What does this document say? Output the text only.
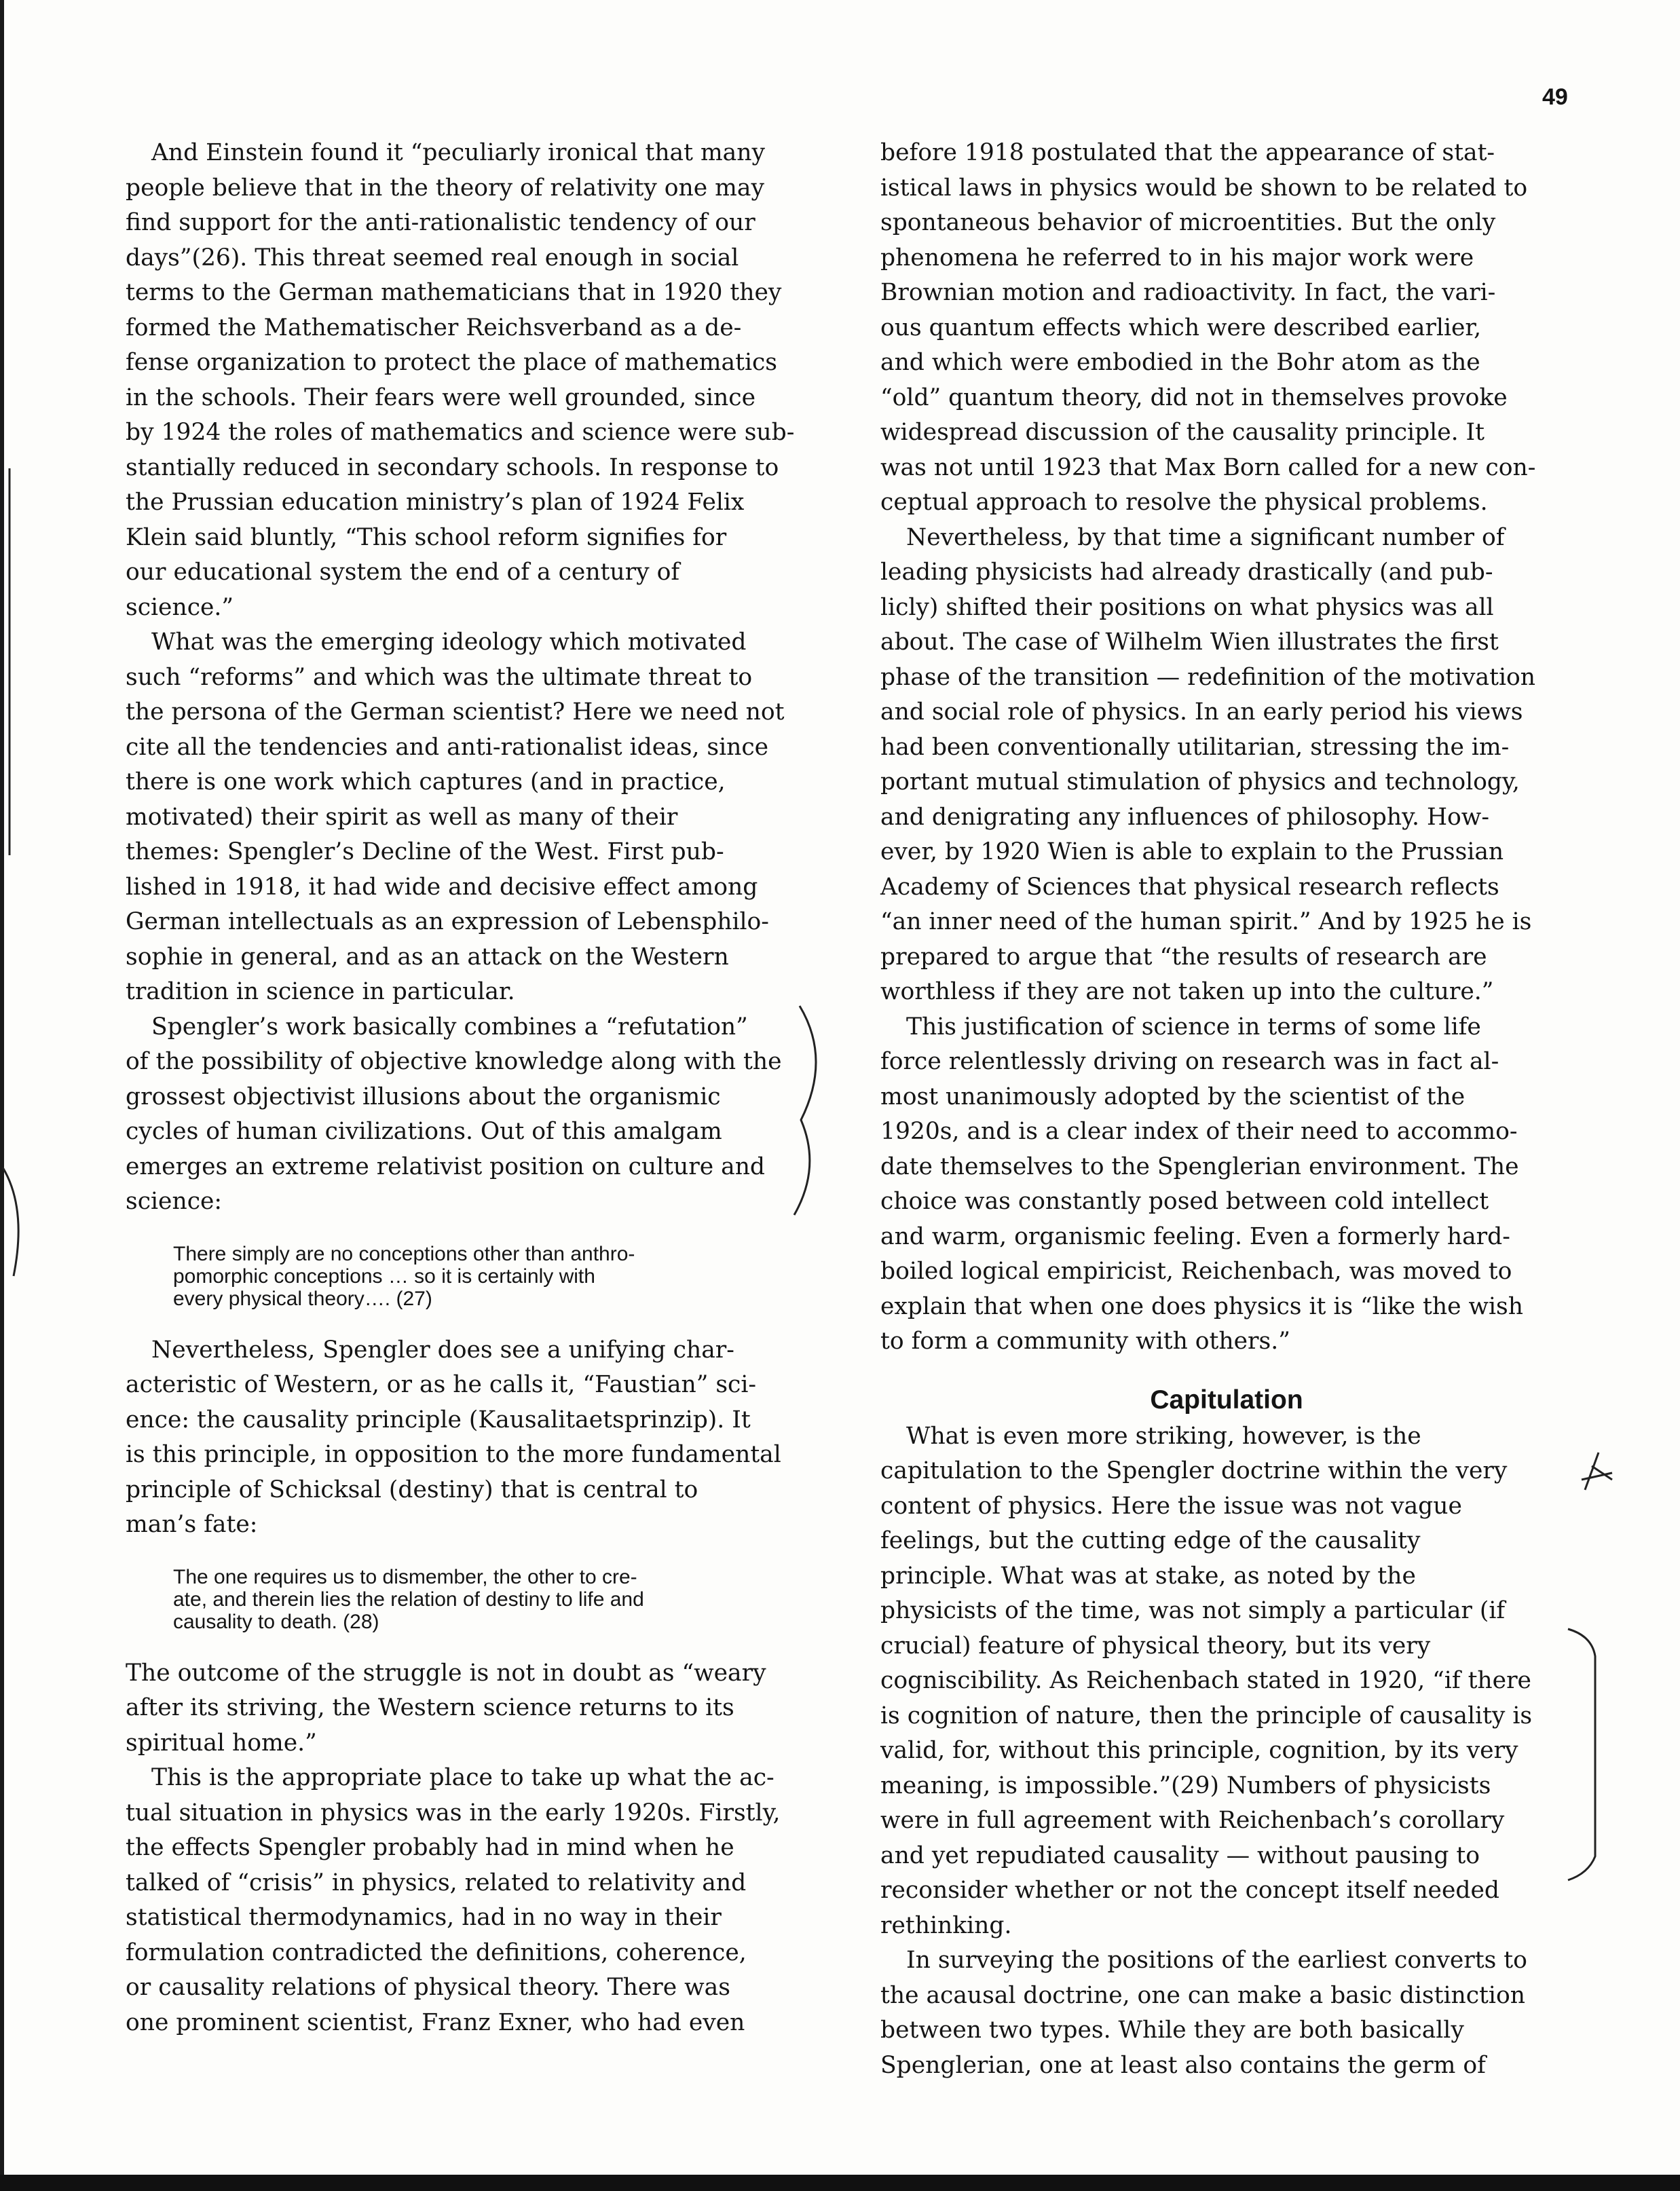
49

And Einstein found it “peculiarly ironical that many
people believe that in the theory of relativity one may
find support for the anti-rationalistic tendency of our
days”(26). This threat seemed real enough in social
terms to the German mathematicians that in 1920 they
formed the Mathematischer Reichsverband as a de-
fense organization to protect the place of mathematics
in the schools. Their fears were well grounded, since
by 1924 the roles of mathematics and science were sub-
stantially reduced in secondary schools. In response to
the Prussian education ministry’s plan of 1924 Felix
Klein said bluntly, “This school reform signifies for
our educational system the end of a century of
science.”

What was the emerging ideology which motivated
such “reforms” and which was the ultimate threat to
the persona of the German scientist? Here we need not
cite all the tendencies and anti-rationalist ideas, since
there is one work which captures (and in practice,
motivated) their spirit as well as many of their
themes: Spengler’s Decline of the West. First pub-
lished in 1918, it had wide and decisive effect among
German intellectuals as an expression of Lebensphilo-
sophie in general, and as an attack on the Western
tradition in science in particular.

Spengler’s work basically combines a “refutation”
of the possibility of objective knowledge along with the
grossest objectivist illusions about the organismic
cycles of human civilizations. Out of this amalgam
emerges an extreme relativist position on culture and
science:

There simply are no conceptions other than anthro-
pomorphic conceptions … so it is certainly with
every physical theory…. (27)

Nevertheless, Spengler does see a unifying char-
acteristic of Western, or as he calls it, “Faustian” sci-
ence: the causality principle (Kausalitaetsprinzip). It
is this principle, in opposition to the more fundamental
principle of Schicksal (destiny) that is central to
man’s fate:

The one requires us to dismember, the other to cre-
ate, and therein lies the relation of destiny to life and
causality to death. (28)

The outcome of the struggle is not in doubt as “weary
after its striving, the Western science returns to its
spiritual home.”

This is the appropriate place to take up what the ac-
tual situation in physics was in the early 1920s. Firstly,
the effects Spengler probably had in mind when he
talked of “crisis” in physics, related to relativity and
statistical thermodynamics, had in no way in their
formulation contradicted the definitions, coherence,
or causality relations of physical theory. There was
one prominent scientist, Franz Exner, who had even

before 1918 postulated that the appearance of stat-
istical laws in physics would be shown to be related to
spontaneous behavior of microentities. But the only
phenomena he referred to in his major work were
Brownian motion and radioactivity. In fact, the vari-
ous quantum effects which were described earlier,
and which were embodied in the Bohr atom as the
“old” quantum theory, did not in themselves provoke
widespread discussion of the causality principle. It
was not until 1923 that Max Born called for a new con-
ceptual approach to resolve the physical problems.

Nevertheless, by that time a significant number of
leading physicists had already drastically (and pub-
licly) shifted their positions on what physics was all
about. The case of Wilhelm Wien illustrates the first
phase of the transition — redefinition of the motivation
and social role of physics. In an early period his views
had been conventionally utilitarian, stressing the im-
portant mutual stimulation of physics and technology,
and denigrating any influences of philosophy. How-
ever, by 1920 Wien is able to explain to the Prussian
Academy of Sciences that physical research reflects
“an inner need of the human spirit.” And by 1925 he is
prepared to argue that “the results of research are
worthless if they are not taken up into the culture.”

This justification of science in terms of some life
force relentlessly driving on research was in fact al-
most unanimously adopted by the scientist of the
1920s, and is a clear index of their need to accommo-
date themselves to the Spenglerian environment. The
choice was constantly posed between cold intellect
and warm, organismic feeling. Even a formerly hard-
boiled logical empiricist, Reichenbach, was moved to
explain that when one does physics it is “like the wish
to form a community with others.”

Capitulation

What is even more striking, however, is the
capitulation to the Spengler doctrine within the very
content of physics. Here the issue was not vague
feelings, but the cutting edge of the causality
principle. What was at stake, as noted by the
physicists of the time, was not simply a particular (if
crucial) feature of physical theory, but its very
cogniscibility. As Reichenbach stated in 1920, “if there
is cognition of nature, then the principle of causality is
valid, for, without this principle, cognition, by its very
meaning, is impossible.”(29) Numbers of physicists
were in full agreement with Reichenbach’s corollary
and yet repudiated causality — without pausing to
reconsider whether or not the concept itself needed
rethinking.

In surveying the positions of the earliest converts to
the acausal doctrine, one can make a basic distinction
between two types. While they are both basically
Spenglerian, one at least also contains the germ of
